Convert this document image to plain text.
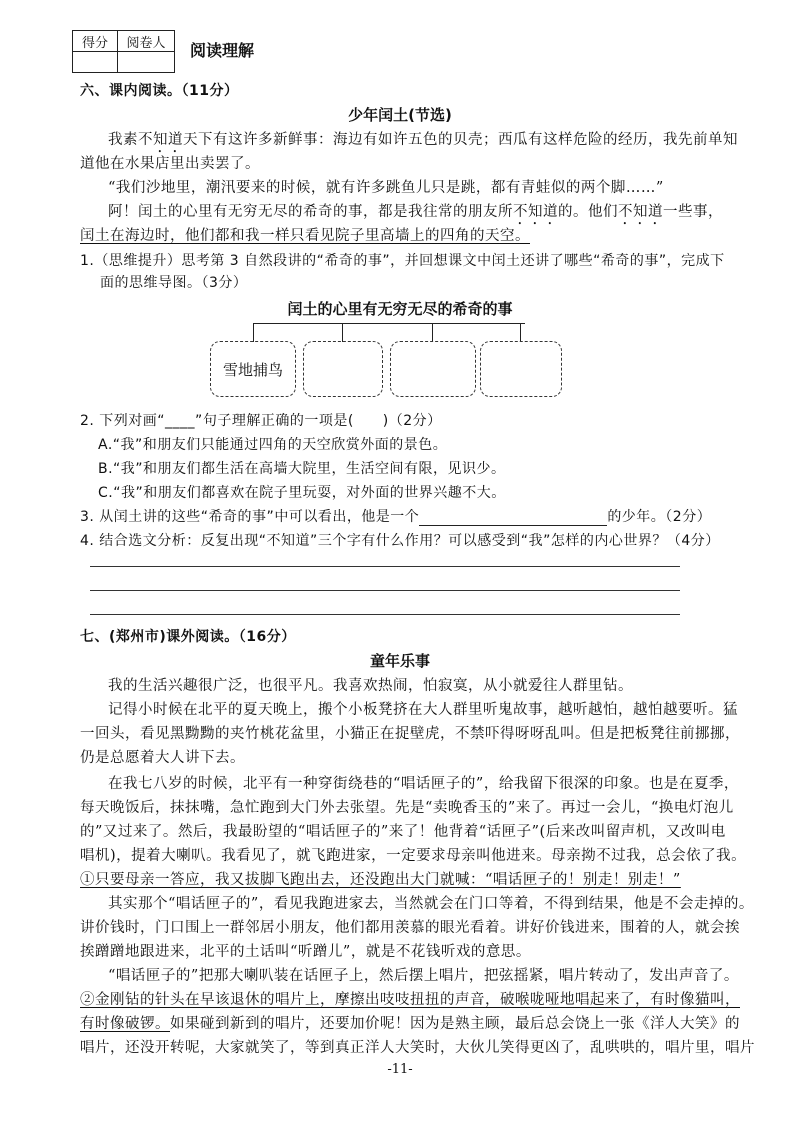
得分	阅卷人
	阅读理解
六、课内阅读。（11分）
少年闰土(节选)
我素不知道天下有这许多新鲜事：海边有如许五色的贝壳；西瓜有这样危险的经历，我先前单知
道他在水果店里出卖罢了。
“我们沙地里，潮汛要来的时候，就有许多跳鱼儿只是跳，都有青蛙似的两个脚……”
阿！闰土的心里有无穷无尽的希奇的事，都是我往常的朋友所不知道的。他们不知道一些事，
闰土在海边时，他们都和我一样只看见院子里高墙上的四角的天空。
1.（思维提升）思考第 3 自然段讲的“希奇的事”，并回想课文中闰土还讲了哪些“希奇的事”，完成下
面的思维导图。（3分）
闰土的心里有无穷无尽的希奇的事
雪地捕鸟
2. 下列对画“____”句子理解正确的一项是(　　)（2分）
A.“我”和朋友们只能通过四角的天空欣赏外面的景色。
B.“我”和朋友们都生活在高墙大院里，生活空间有限，见识少。
C.“我”和朋友们都喜欢在院子里玩耍，对外面的世界兴趣不大。
3. 从闰土讲的这些“希奇的事”中可以看出，他是一个	的少年。（2分）
4. 结合选文分析：反复出现“不知道”三个字有什么作用？可以感受到“我”怎样的内心世界？（4分）
七、(郑州市)课外阅读。（16分）
童年乐事
我的生活兴趣很广泛，也很平凡。我喜欢热闹，怕寂寞，从小就爱往人群里钻。
记得小时候在北平的夏天晚上，搬个小板凳挤在大人群里听鬼故事，越听越怕，越怕越要听。猛
一回头，看见黑黝黝的夹竹桃花盆里，小猫正在捉壁虎，不禁吓得呀呀乱叫。但是把板凳往前挪挪，
仍是总愿着大人讲下去。
在我七八岁的时候，北平有一种穿街绕巷的“唱话匣子的”，给我留下很深的印象。也是在夏季，
每天晚饭后，抹抹嘴，急忙跑到大门外去张望。先是“卖晚香玉的”来了。再过一会儿，“换电灯泡儿
的”又过来了。然后，我最盼望的“唱话匣子的”来了！他背着“话匣子”(后来改叫留声机，又改叫电
唱机)，提着大喇叭。我看见了，就飞跑进家，一定要求母亲叫他进来。母亲拗不过我，总会依了我。
①只要母亲一答应，我又拔脚飞跑出去，还没跑出大门就喊：“唱话匣子的！别走！别走！”
其实那个“唱话匣子的”，看见我跑进家去，当然就会在门口等着，不得到结果，他是不会走掉的。
讲价钱时，门口围上一群邻居小朋友，他们都用羡慕的眼光看着。讲好价钱进来，围着的人，就会挨
挨蹭蹭地跟进来，北平的土话叫“听蹭儿”，就是不花钱听戏的意思。
“唱话匣子的”把那大喇叭装在话匣子上，然后摆上唱片，把弦摇紧，唱片转动了，发出声音了。
②金刚钻的针头在早该退休的唱片上，摩擦出吱吱扭扭的声音，破喉咙哑地唱起来了，有时像猫叫，
有时像破锣。如果碰到新到的唱片，还要加价呢！因为是熟主顾，最后总会饶上一张《洋人大笑》的
唱片，还没开转呢，大家就笑了，等到真正洋人大笑时，大伙儿笑得更凶了，乱哄哄的，唱片里，唱片
-11-
